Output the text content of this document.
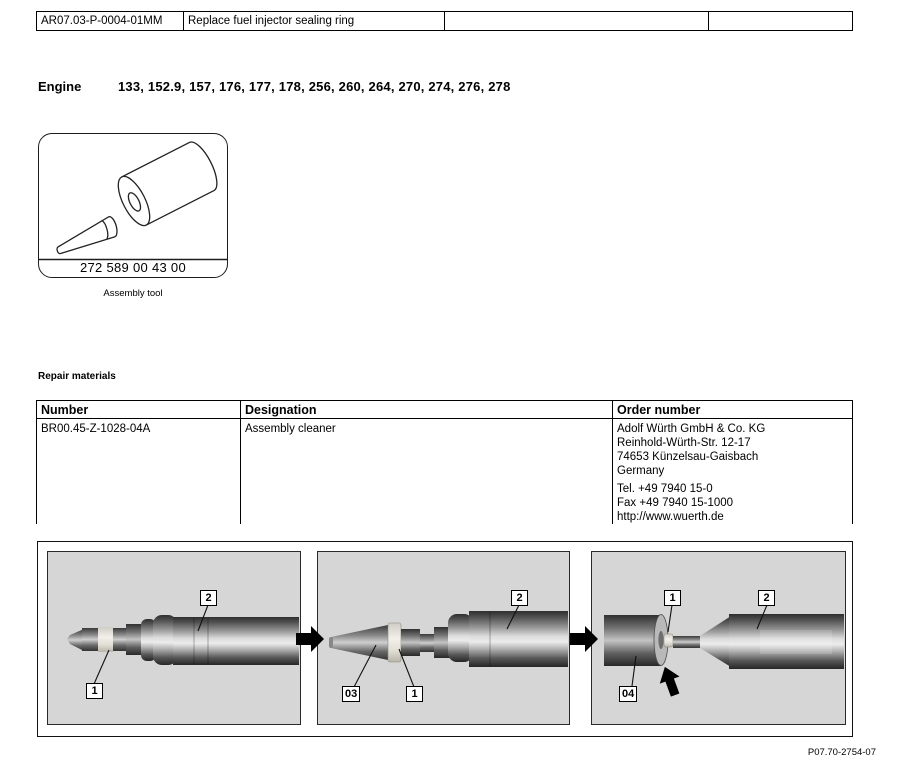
AR07.03-P-0004-01MM	Replace fuel injector sealing ring
Engine	133, 152.9, 157, 176, 177, 178, 256, 260, 264, 270, 274, 276, 278
272 589 00 43 00
Assembly tool
Repair materials
Number	Designation	Order number
BR00.45-Z-1028-04A	Assembly cleaner	Adolf Würth GmbH & Co. KG
Reinhold-Würth-Str. 12-17
74653 Künzelsau-Gaisbach
Germany
Tel. +49 7940 15-0
Fax +49 7940 15-1000
http://www.wuerth.de
2
1
2
03	1
1	2
04
P07.70-2754-07
